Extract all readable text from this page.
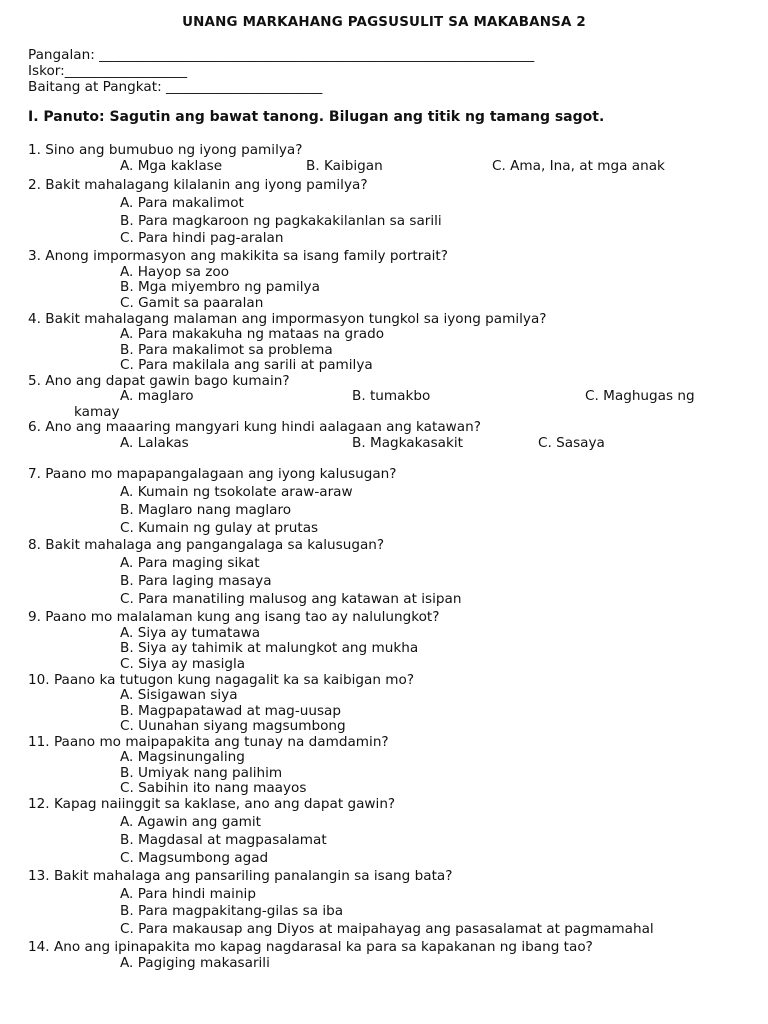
UNANG MARKAHANG PAGSUSULIT SA MAKABANSA 2
Pangalan: ________________________________________________________________
Iskor:__________________
Baitang at Pangkat: _______________________
I. Panuto: Sagutin ang bawat tanong. Bilugan ang titik ng tamang sagot.
1. Sino ang bumubuo ng iyong pamilya?
A. Mga kaklase	B. Kaibigan	C. Ama, Ina, at mga anak
2. Bakit mahalagang kilalanin ang iyong pamilya?
A. Para makalimot
B. Para magkaroon ng pagkakakilanlan sa sarili
C. Para hindi pag-aralan
3. Anong impormasyon ang makikita sa isang family portrait?
A. Hayop sa zoo
B. Mga miyembro ng pamilya
C. Gamit sa paaralan
4. Bakit mahalagang malaman ang impormasyon tungkol sa iyong pamilya?
A. Para makakuha ng mataas na grado
B. Para makalimot sa problema
C. Para makilala ang sarili at pamilya
5. Ano ang dapat gawin bago kumain?
A. maglaro	B. tumakbo	C. Maghugas ng
kamay
6. Ano ang maaaring mangyari kung hindi aalagaan ang katawan?
A. Lalakas	B. Magkakasakit	C. Sasaya
7. Paano mo mapapangalagaan ang iyong kalusugan?
A. Kumain ng tsokolate araw-araw
B. Maglaro nang maglaro
C. Kumain ng gulay at prutas
8. Bakit mahalaga ang pangangalaga sa kalusugan?
A. Para maging sikat
B. Para laging masaya
C. Para manatiling malusog ang katawan at isipan
9. Paano mo malalaman kung ang isang tao ay nalulungkot?
A. Siya ay tumatawa
B. Siya ay tahimik at malungkot ang mukha
C. Siya ay masigla
10. Paano ka tutugon kung nagagalit ka sa kaibigan mo?
A. Sisigawan siya
B. Magpapatawad at mag-uusap
C. Uunahan siyang magsumbong
11. Paano mo maipapakita ang tunay na damdamin?
A. Magsinungaling
B. Umiyak nang palihim
C. Sabihin ito nang maayos
12. Kapag naiinggit sa kaklase, ano ang dapat gawin?
A. Agawin ang gamit
B. Magdasal at magpasalamat
C. Magsumbong agad
13. Bakit mahalaga ang pansariling panalangin sa isang bata?
A. Para hindi mainip
B. Para magpakitang-gilas sa iba
C. Para makausap ang Diyos at maipahayag ang pasasalamat at pagmamahal
14. Ano ang ipinapakita mo kapag nagdarasal ka para sa kapakanan ng ibang tao?
A. Pagiging makasarili
